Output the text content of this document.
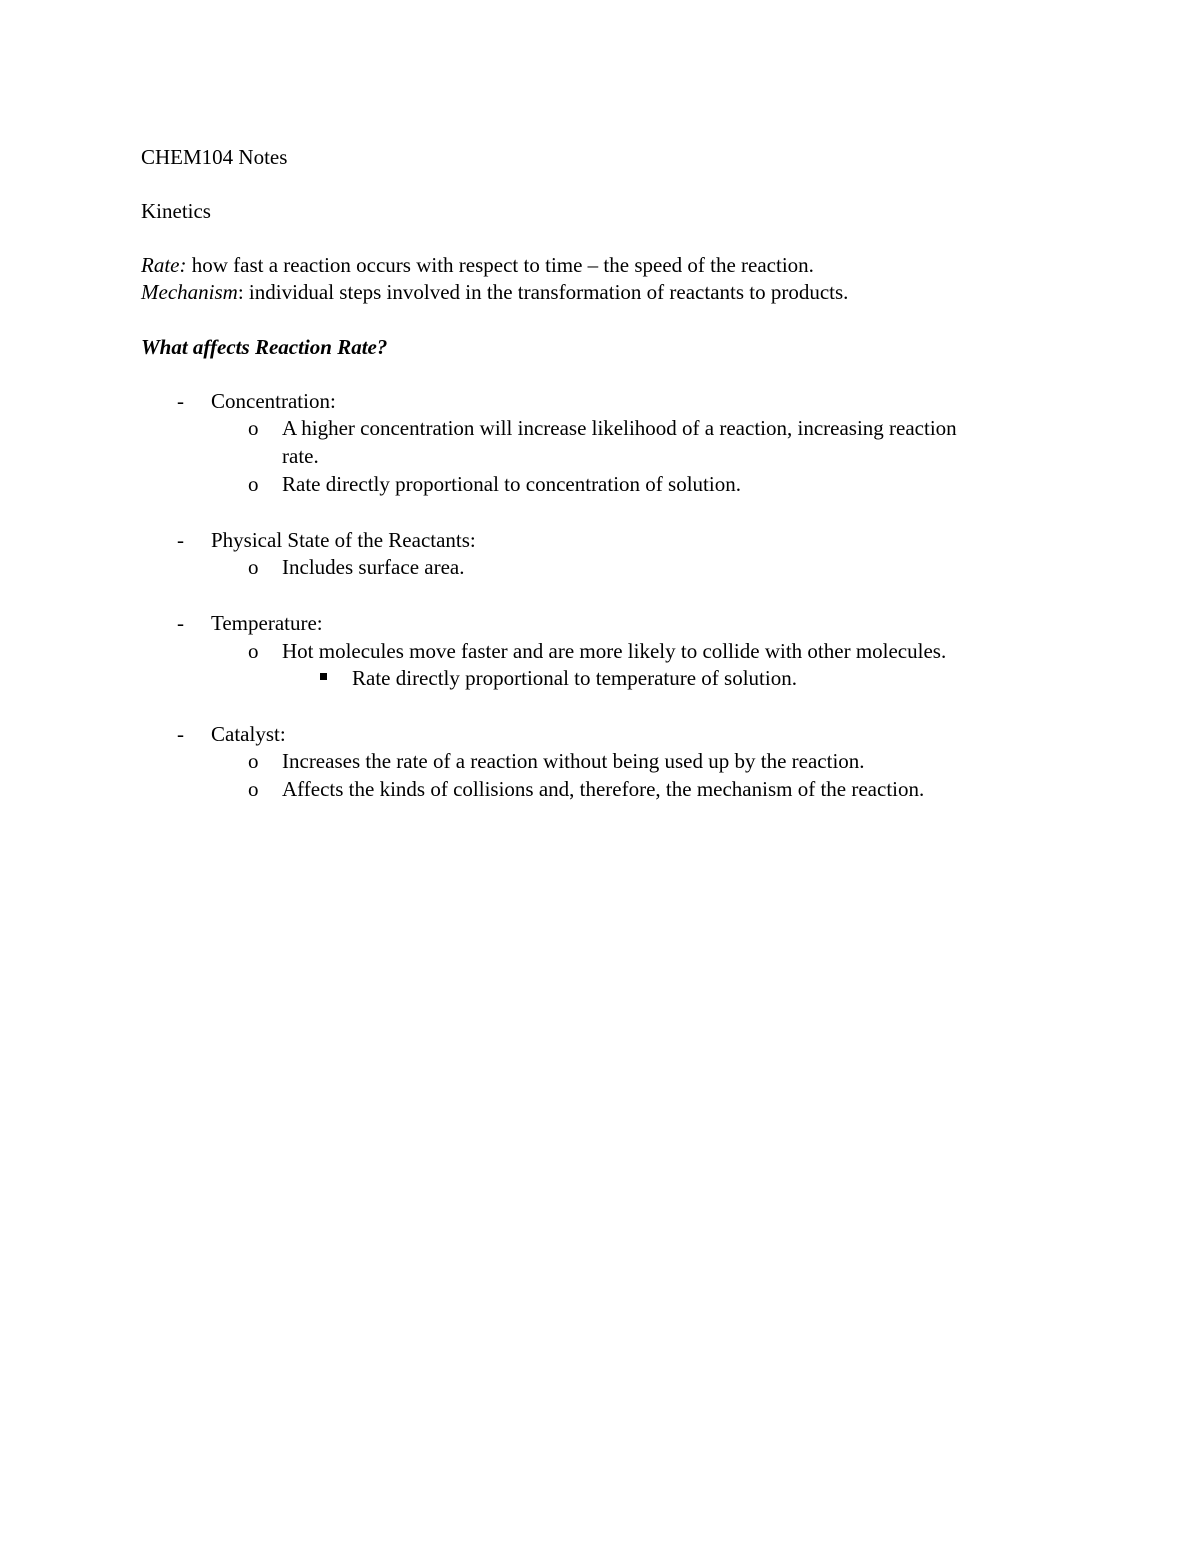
CHEM104 Notes
Kinetics
Rate: how fast a reaction occurs with respect to time – the speed of the reaction.
Mechanism: individual steps involved in the transformation of reactants to products.
What affects Reaction Rate?
- Concentration:
o A higher concentration will increase likelihood of a reaction, increasing reaction
rate.
o Rate directly proportional to concentration of solution.
- Physical State of the Reactants:
o Includes surface area.
- Temperature:
o Hot molecules move faster and are more likely to collide with other molecules.
Rate directly proportional to temperature of solution.
- Catalyst:
o Increases the rate of a reaction without being used up by the reaction.
o Affects the kinds of collisions and, therefore, the mechanism of the reaction.
